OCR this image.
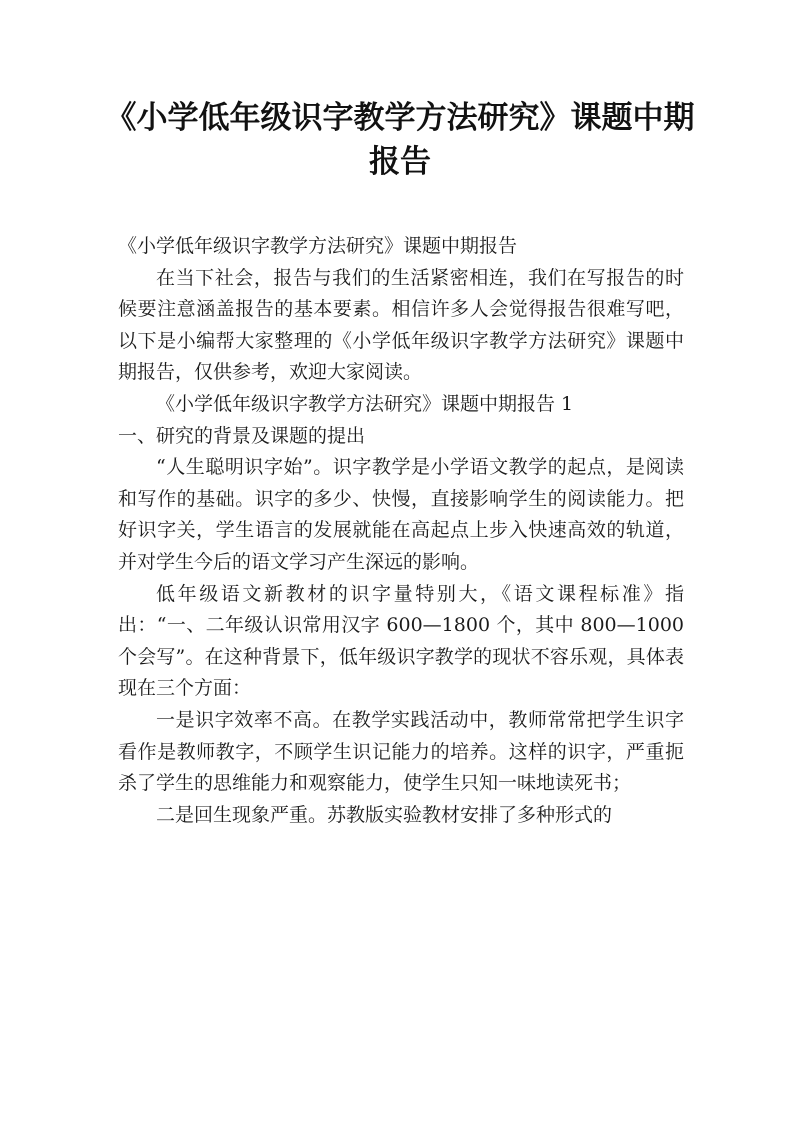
《小学低年级识字教学方法研究》课题中期
报告

《小学低年级识字教学方法研究》课题中期报告

在当下社会，报告与我们的生活紧密相连，我们在写报告的时候要注意涵盖报告的基本要素。相信许多人会觉得报告很难写吧，以下是小编帮大家整理的《小学低年级识字教学方法研究》课题中期报告，仅供参考，欢迎大家阅读。

《小学低年级识字教学方法研究》课题中期报告 1

一、研究的背景及课题的提出

“人生聪明识字始”。识字教学是小学语文教学的起点，是阅读和写作的基础。识字的多少、快慢，直接影响学生的阅读能力。把好识字关，学生语言的发展就能在高起点上步入快速高效的轨道，并对学生今后的语文学习产生深远的影响。

低年级语文新教材的识字量特别大，《语文课程标准》指出：“一、二年级认识常用汉字 600—1800 个，其中 800—1000 个会写”。在这种背景下，低年级识字教学的现状不容乐观，具体表现在三个方面：

一是识字效率不高。在教学实践活动中，教师常常把学生识字看作是教师教字，不顾学生识记能力的培养。这样的识字，严重扼杀了学生的思维能力和观察能力，使学生只知一味地读死书；

二是回生现象严重。苏教版实验教材安排了多种形式的
